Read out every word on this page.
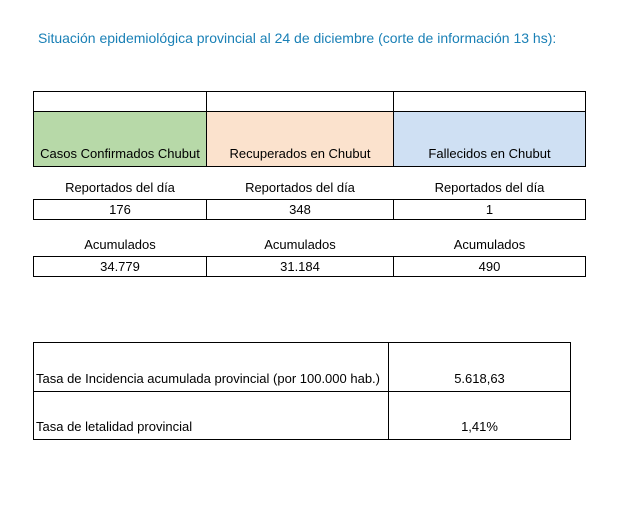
Situación epidemiológica provincial al 24 de diciembre (corte de información 13 hs):
Casos Confirmados Chubut	Recuperados en Chubut	Fallecidos en Chubut
Reportados del día	Reportados del día	Reportados del día
176	348	1
Acumulados	Acumulados	Acumulados
34.779	31.184	490
Tasa de Incidencia acumulada provincial (por 100.000 hab.)	5.618,63
Tasa de letalidad provincial	1,41%
